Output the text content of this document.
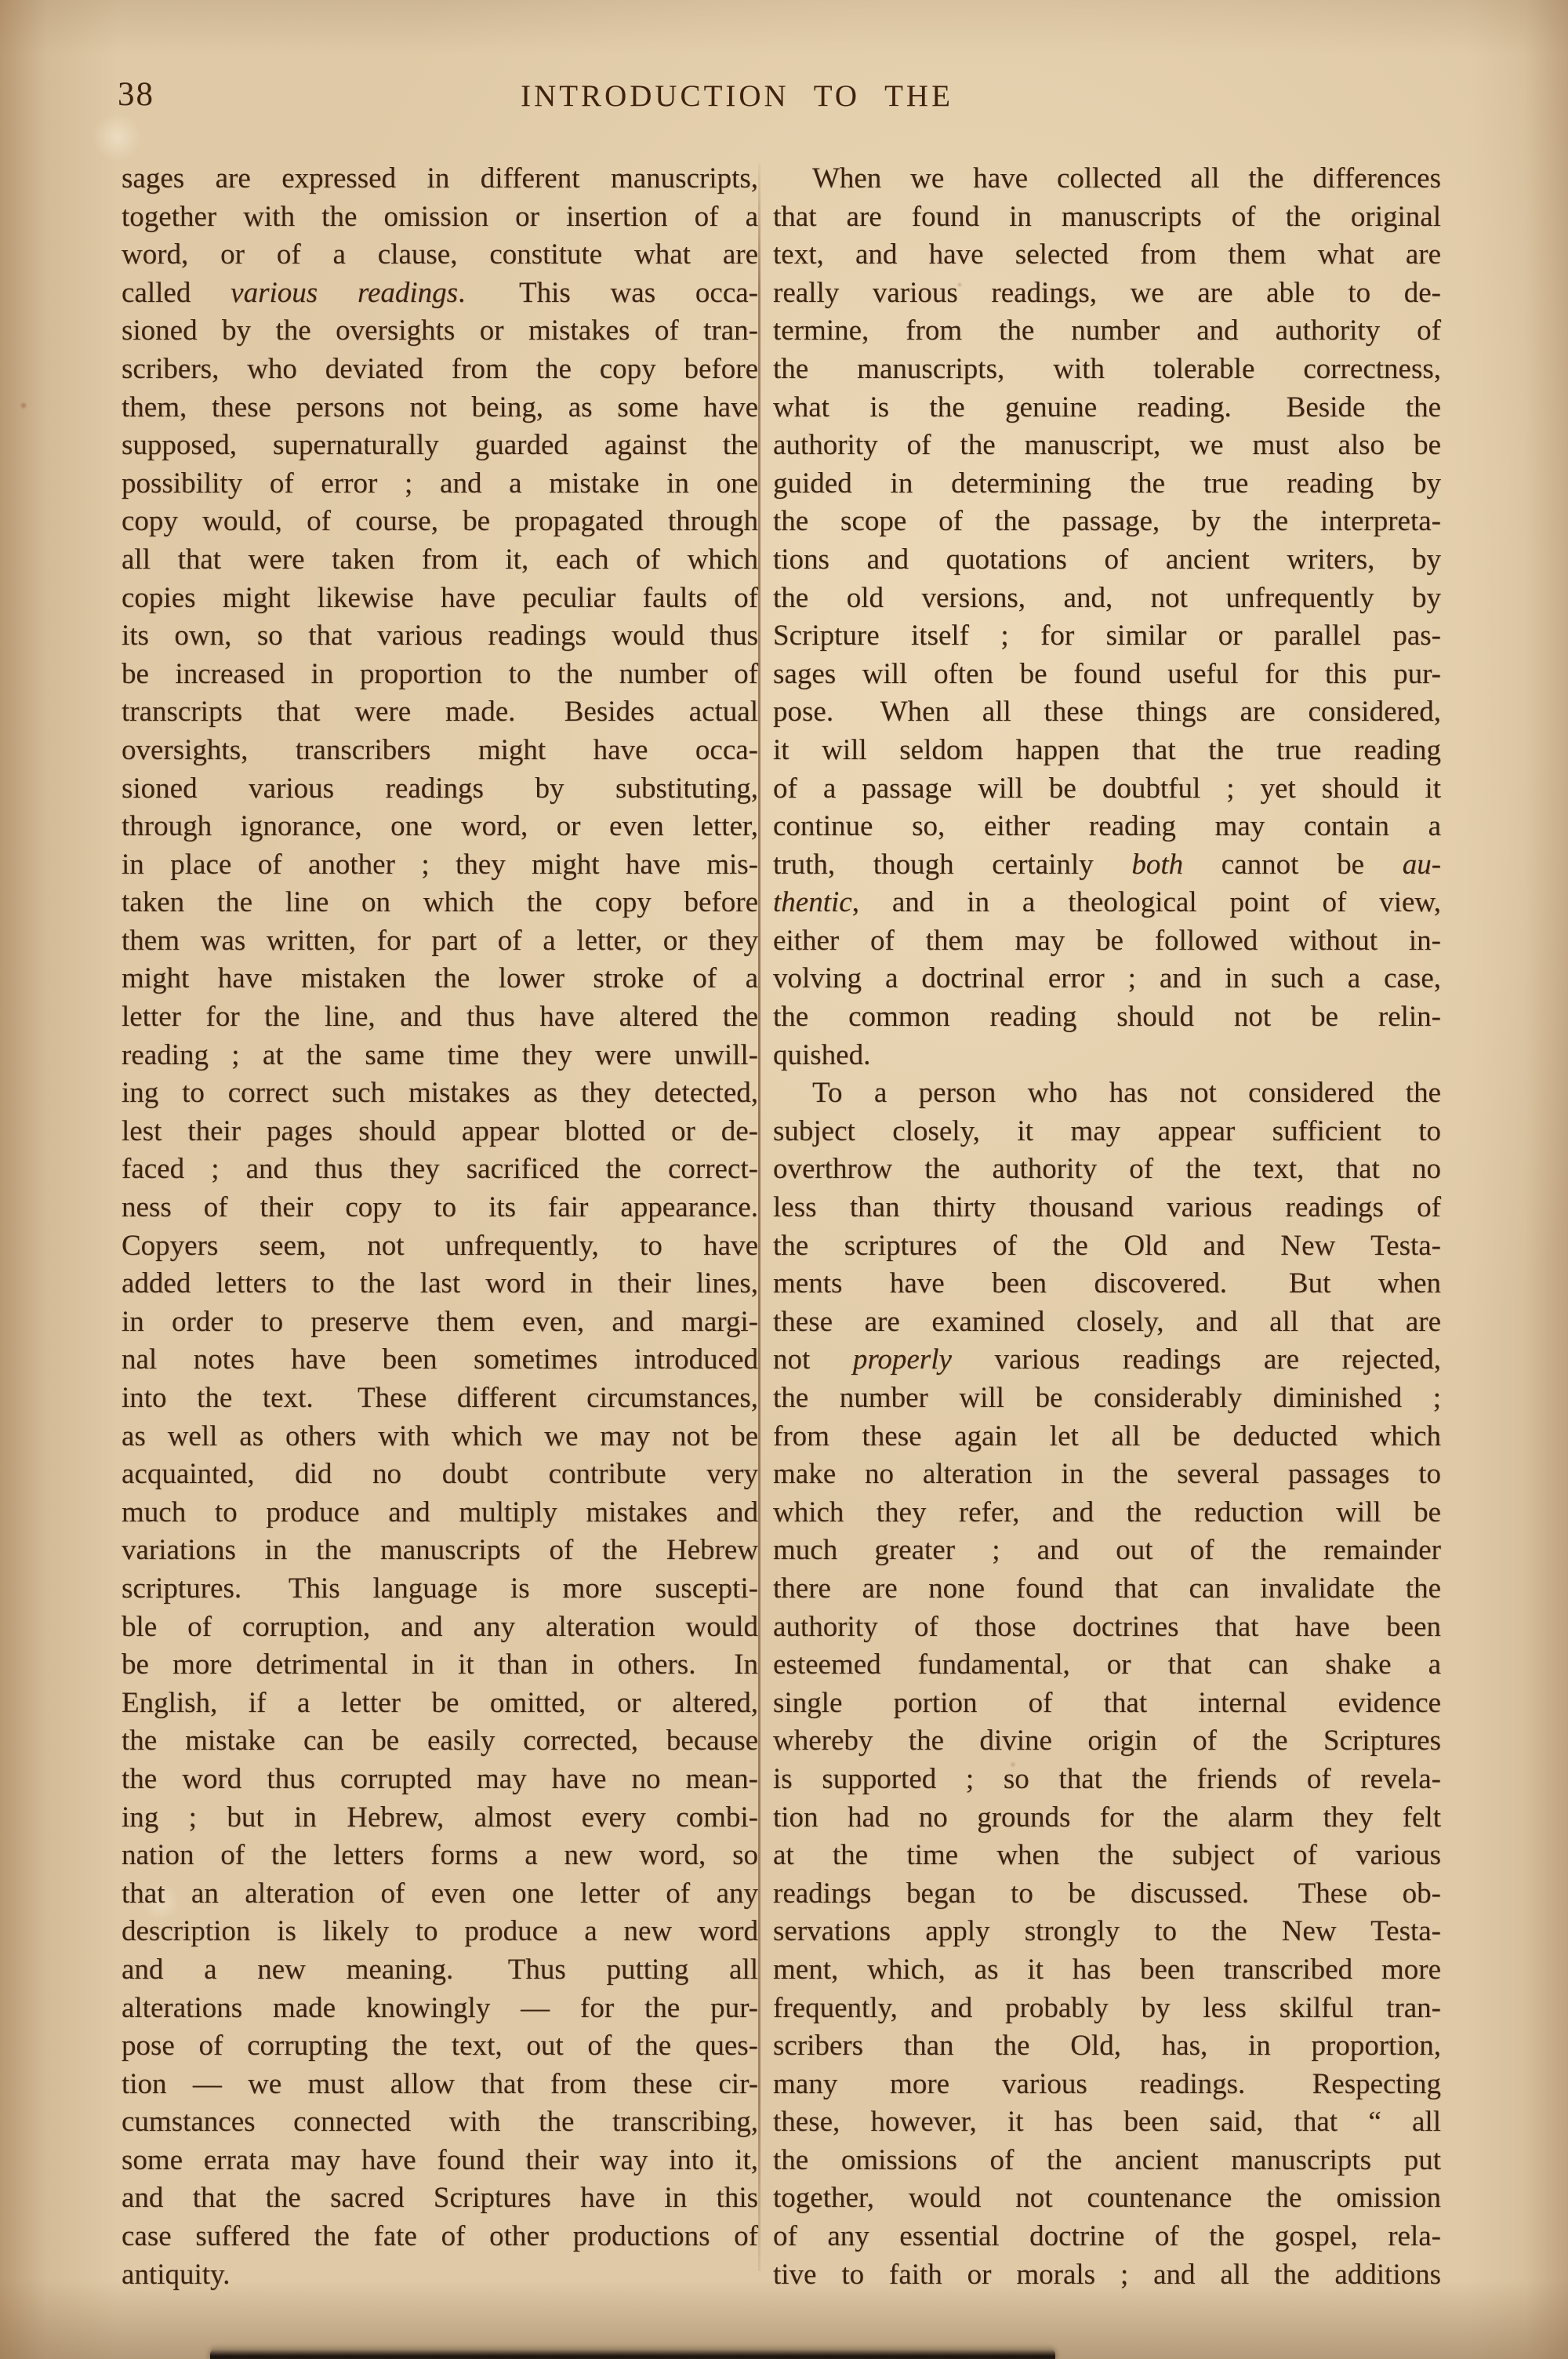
38	INTRODUCTION TO THE
sages are expressed in different manuscripts,
together with the omission or insertion of a
word, or of a clause, constitute what are
called various readings.  This was occa-
sioned by the oversights or mistakes of tran-
scribers, who deviated from the copy before
them, these persons not being, as some have
supposed, supernaturally guarded against the
possibility of error ; and a mistake in one
copy would, of course, be propagated through
all that were taken from it, each of which
copies might likewise have peculiar faults of
its own, so that various readings would thus
be increased in proportion to the number of
transcripts that were made.  Besides actual
oversights, transcribers might have occa-
sioned various readings by substituting,
through ignorance, one word, or even letter,
in place of another ; they might have mis-
taken the line on which the copy before
them was written, for part of a letter, or they
might have mistaken the lower stroke of a
letter for the line, and thus have altered the
reading ; at the same time they were unwill-
ing to correct such mistakes as they detected,
lest their pages should appear blotted or de-
faced ; and thus they sacrificed the correct-
ness of their copy to its fair appearance.
Copyers seem, not unfrequently, to have
added letters to the last word in their lines,
in order to preserve them even, and margi-
nal notes have been sometimes introduced
into the text.  These different circumstances,
as well as others with which we may not be
acquainted, did no doubt contribute very
much to produce and multiply mistakes and
variations in the manuscripts of the Hebrew
scriptures.  This language is more suscepti-
ble of corruption, and any alteration would
be more detrimental in it than in others.  In
English, if a letter be omitted, or altered,
the mistake can be easily corrected, because
the word thus corrupted may have no mean-
ing ; but in Hebrew, almost every combi-
nation of the letters forms a new word, so
that an alteration of even one letter of any
description is likely to produce a new word
and a new meaning.  Thus putting all
alterations made knowingly — for the pur-
pose of corrupting the text, out of the ques-
tion — we must allow that from these cir-
cumstances connected with the transcribing,
some errata may have found their way into it,
and that the sacred Scriptures have in this
case suffered the fate of other productions of
antiquity.
When we have collected all the differences
that are found in manuscripts of the original
text, and have selected from them what are
really various readings, we are able to de-
termine, from the number and authority of
the manuscripts, with tolerable correctness,
what is the genuine reading.  Beside the
authority of the manuscript, we must also be
guided in determining the true reading by
the scope of the passage, by the interpreta-
tions and quotations of ancient writers, by
the old versions, and, not unfrequently by
Scripture itself ; for similar or parallel pas-
sages will often be found useful for this pur-
pose.  When all these things are considered,
it will seldom happen that the true reading
of a passage will be doubtful ; yet should it
continue so, either reading may contain a
truth, though certainly both cannot be au-
thentic, and in a theological point of view,
either of them may be followed without in-
volving a doctrinal error ; and in such a case,
the common reading should not be relin-
quished.
To a person who has not considered the
subject closely, it may appear sufficient to
overthrow the authority of the text, that no
less than thirty thousand various readings of
the scriptures of the Old and New Testa-
ments have been discovered.  But when
these are examined closely, and all that are
not properly various readings are rejected,
the number will be considerably diminished ;
from these again let all be deducted which
make no alteration in the several passages to
which they refer, and the reduction will be
much greater ; and out of the remainder
there are none found that can invalidate the
authority of those doctrines that have been
esteemed fundamental, or that can shake a
single portion of that internal evidence
whereby the divine origin of the Scriptures
is supported ; so that the friends of revela-
tion had no grounds for the alarm they felt
at the time when the subject of various
readings began to be discussed.  These ob-
servations apply strongly to the New Testa-
ment, which, as it has been transcribed more
frequently, and probably by less skilful tran-
scribers than the Old, has, in proportion,
many more various readings.  Respecting
these, however, it has been said, that “ all
the omissions of the ancient manuscripts put
together, would not countenance the omission
of any essential doctrine of the gospel, rela-
tive to faith or morals ; and all the additions
